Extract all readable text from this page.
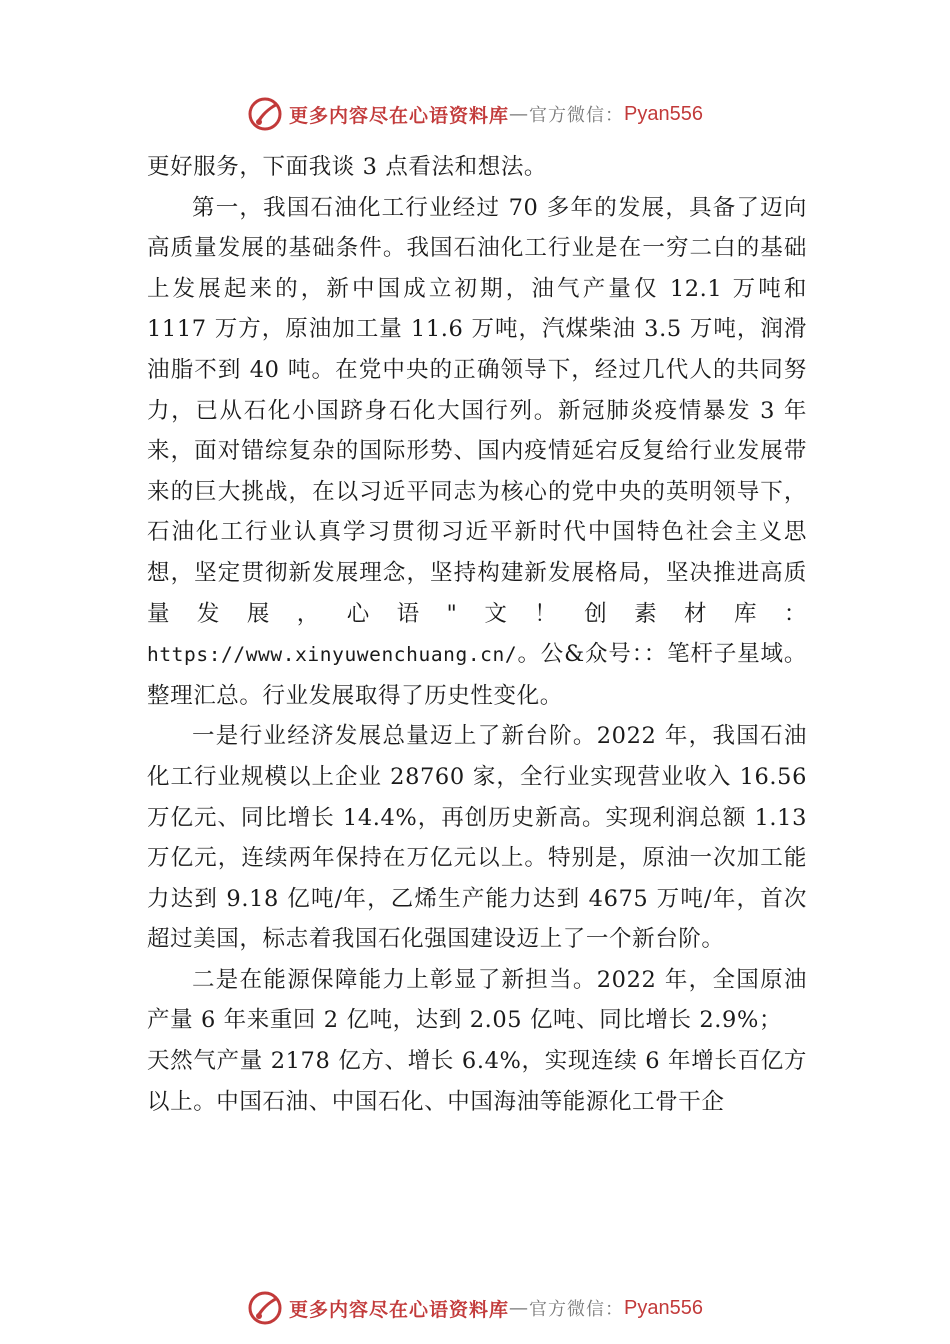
更多内容尽在心语资料库 — 官方微信： Pyan556

更好服务，下面我谈 3 点看法和想法。

第一，我国石油化工行业经过 70 多年的发展，具备了迈向高质量发展的基础条件。我国石油化工行业是在一穷二白的基础上发展起来的，新中国成立初期，油气产量仅 12.1 万吨和 1117 万方，原油加工量 11.6 万吨，汽煤柴油 3.5 万吨，润滑油脂不到 40 吨。在党中央的正确领导下，经过几代人的共同努力，已从石化小国跻身石化大国行列。新冠肺炎疫情暴发 3 年来，面对错综复杂的国际形势、国内疫情延宕反复给行业发展带来的巨大挑战，在以习近平同志为核心的党中央的英明领导下，石油化工行业认真学习贯彻习近平新时代中国特色社会主义思想，坚定贯彻新发展理念，坚持构建新发展格局，坚决推进高质量发展，心语"文！创素材库：https://www.xinyuwenchuang.cn/。公&众号：：笔杆子星域。整理汇总。行业发展取得了历史性变化。

一是行业经济发展总量迈上了新台阶。2022 年，我国石油化工行业规模以上企业 28760 家，全行业实现营业收入 16.56 万亿元、同比增长 14.4%，再创历史新高。实现利润总额 1.13 万亿元，连续两年保持在万亿元以上。特别是，原油一次加工能力达到 9.18 亿吨/年，乙烯生产能力达到 4675 万吨/年，首次超过美国，标志着我国石化强国建设迈上了一个新台阶。

二是在能源保障能力上彰显了新担当。2022 年，全国原油产量 6 年来重回 2 亿吨，达到 2.05 亿吨、同比增长 2.9%；

天然气产量 2178 亿方、增长 6.4%，实现连续 6 年增长百亿方以上。中国石油、中国石化、中国海油等能源化工骨干企

更多内容尽在心语资料库 — 官方微信： Pyan556
